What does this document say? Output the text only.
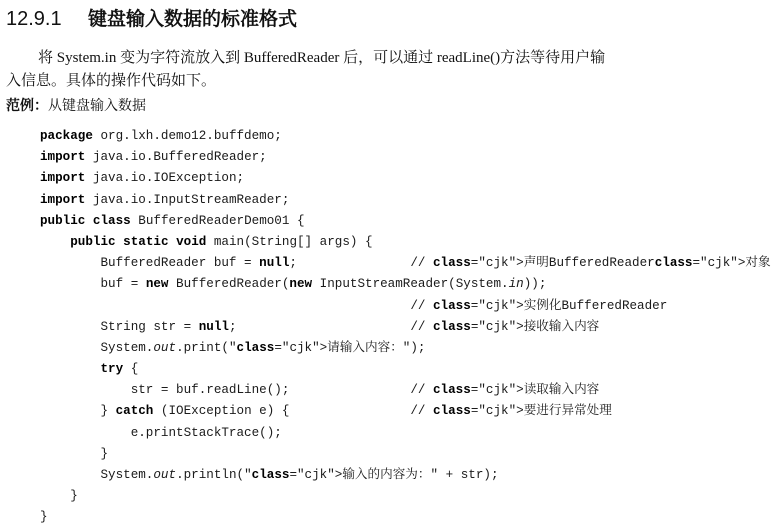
12.9.1 键盘输入数据的标准格式
将 System.in 变为字符流放入到 BufferedReader 后，可以通过 readLine()方法等待用户输
入信息。具体的操作代码如下。
范例：从键盘输入数据
package org.lxh.demo12.buffdemo;
import java.io.BufferedReader;
import java.io.IOException;
import java.io.InputStreamReader;
public class BufferedReaderDemo01 {
public static void main(String[] args) {
BufferedReader buf = null;               // class="cjk">声明BufferedReaderclass="cjk">对象
buf = new BufferedReader(new InputStreamReader(System.in));
// class="cjk">实例化BufferedReader
String str = null;                       // class="cjk">接收输入内容
System.out.print("class="cjk">请输入内容：");
try {
str = buf.readLine();                // class="cjk">读取输入内容
} catch (IOException e) {                // class="cjk">要进行异常处理
e.printStackTrace();
}
System.out.println("class="cjk">输入的内容为：" + str);
}
}
